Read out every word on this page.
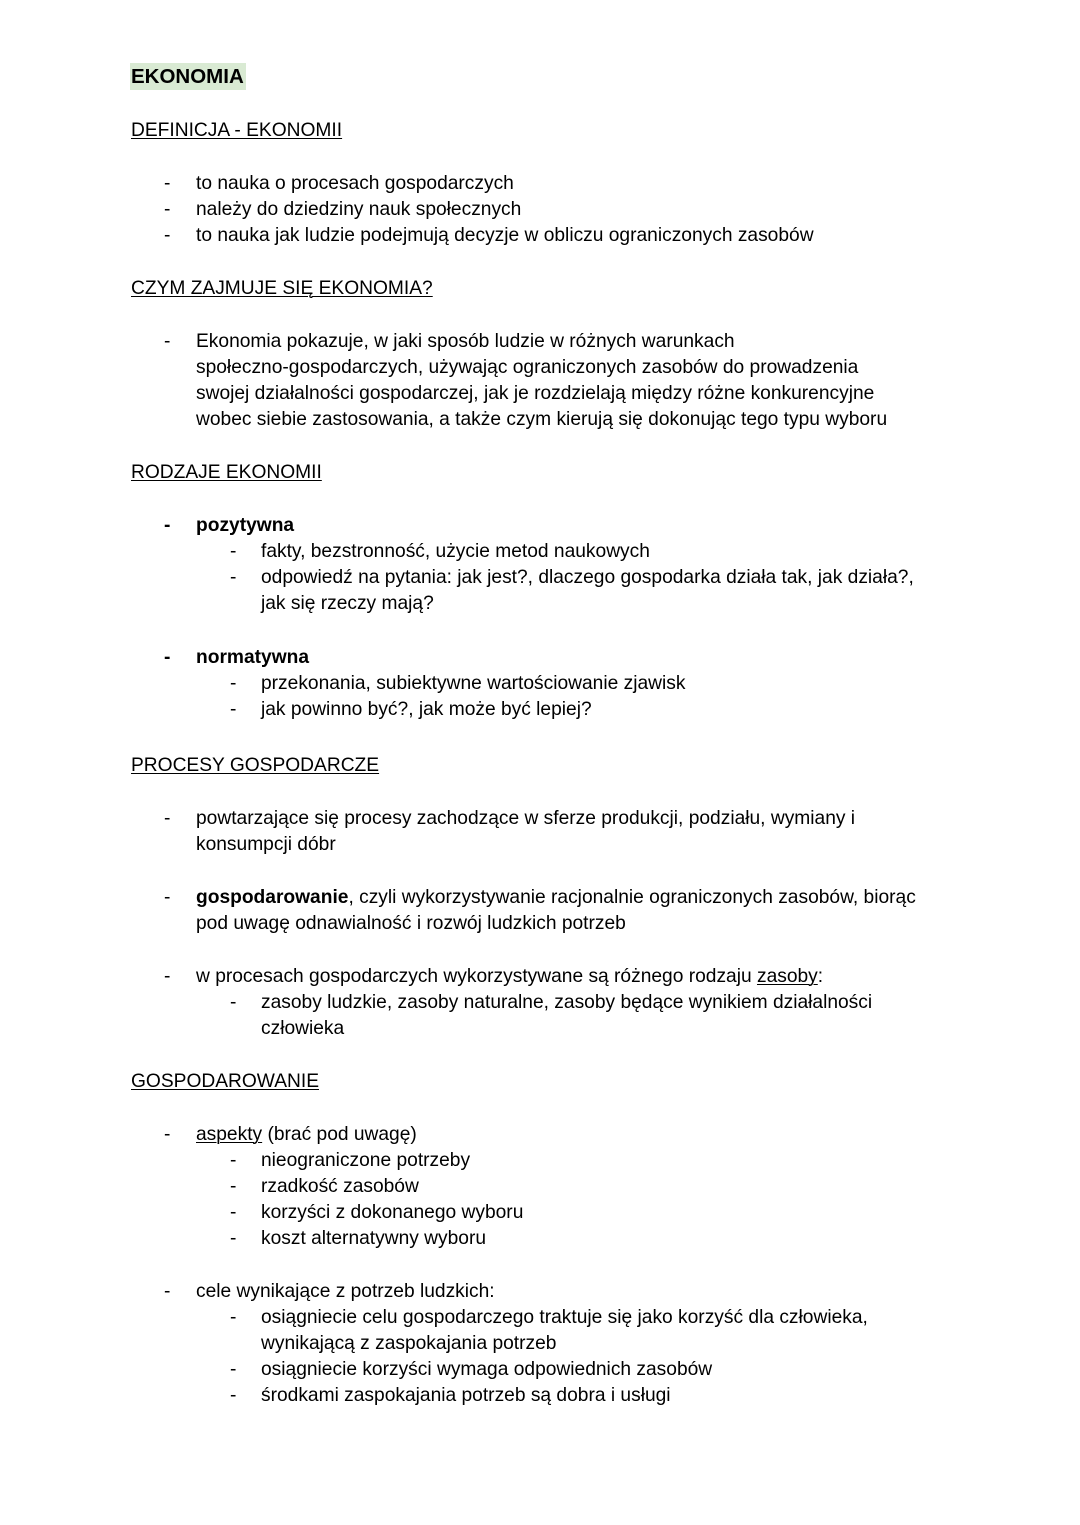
EKONOMIA
DEFINICJA - EKONOMII
- to nauka o procesach gospodarczych
- należy do dziedziny nauk społecznych
- to nauka jak ludzie podejmują decyzje w obliczu ograniczonych zasobów
CZYM ZAJMUJE SIĘ EKONOMIA?
- Ekonomia pokazuje, w jaki sposób ludzie w różnych warunkach
społeczno-gospodarczych, używając ograniczonych zasobów do prowadzenia
swojej działalności gospodarczej, jak je rozdzielają między różne konkurencyjne
wobec siebie zastosowania, a także czym kierują się dokonując tego typu wyboru
RODZAJE EKONOMII
- pozytywna
- fakty, bezstronność, użycie metod naukowych
- odpowiedź na pytania: jak jest?, dlaczego gospodarka działa tak, jak działa?,
jak się rzeczy mają?
- normatywna
- przekonania, subiektywne wartościowanie zjawisk
- jak powinno być?, jak może być lepiej?
PROCESY GOSPODARCZE
- powtarzające się procesy zachodzące w sferze produkcji, podziału, wymiany i
konsumpcji dóbr
- gospodarowanie, czyli wykorzystywanie racjonalnie ograniczonych zasobów, biorąc
pod uwagę odnawialność i rozwój ludzkich potrzeb
- w procesach gospodarczych wykorzystywane są różnego rodzaju zasoby:
- zasoby ludzkie, zasoby naturalne, zasoby będące wynikiem działalności
człowieka
GOSPODAROWANIE
- aspekty (brać pod uwagę)
- nieograniczone potrzeby
- rzadkość zasobów
- korzyści z dokonanego wyboru
- koszt alternatywny wyboru
- cele wynikające z potrzeb ludzkich:
- osiągniecie celu gospodarczego traktuje się jako korzyść dla człowieka,
wynikającą z zaspokajania potrzeb
- osiągniecie korzyści wymaga odpowiednich zasobów
- środkami zaspokajania potrzeb są dobra i usługi
